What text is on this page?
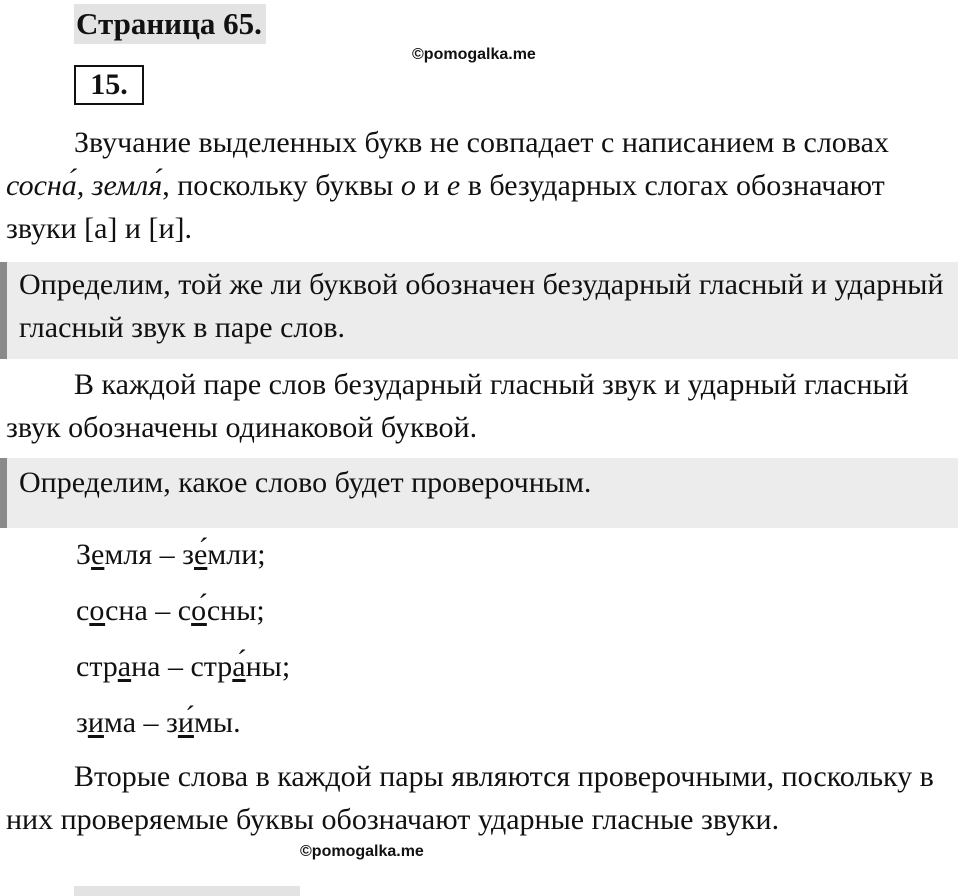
Страница 65.
©pomogalka.me
15.

Звучание выделенных букв не совпадает с написанием в словах сосна́, земля́, поскольку буквы о и е в безударных слогах обозначают звуки [а] и [и].

Определим, той же ли буквой обозначен безударный гласный и ударный гласный звук в паре слов.

В каждой паре слов безударный гласный звук и ударный гласный звук обозначены одинаковой буквой.

Определим, какое слово будет проверочным.
Земля – зе́мли;
сосна – со́сны;
страна – стра́ны;
зима – зи́мы.

Вторые слова в каждой пары являются проверочными, поскольку в них проверяемые буквы обозначают ударные гласные звуки.

©pomogalka.me
